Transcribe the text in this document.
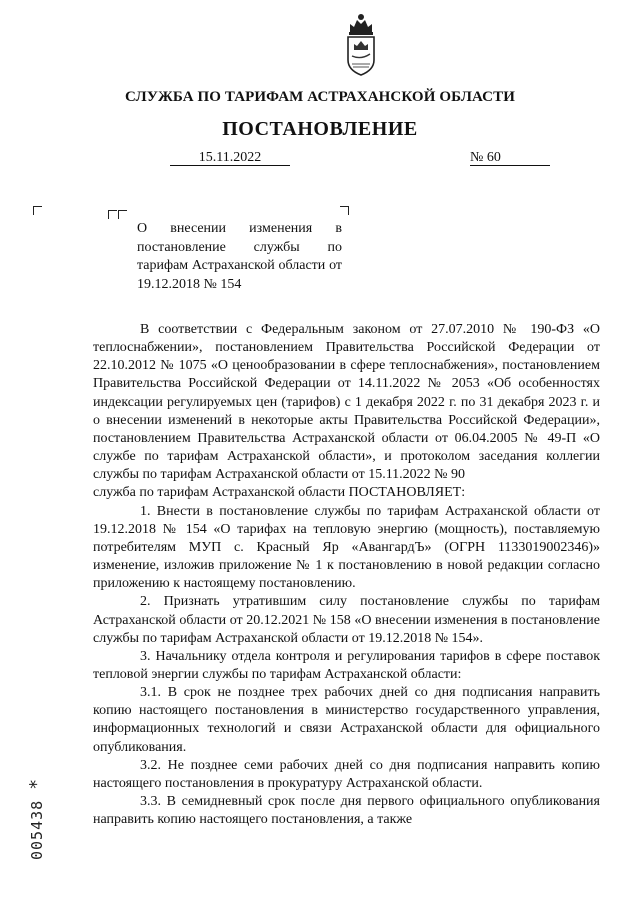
СЛУЖБА ПО ТАРИФАМ АСТРАХАНСКОЙ ОБЛАСТИ
ПОСТАНОВЛЕНИЕ
15.11.2022	№ 60

О внесении изменения в постановление службы по тарифам Астраханской области от 19.12.2018 № 154

В соответствии с Федеральным законом от 27.07.2010 № 190-ФЗ «О теплоснабжении», постановлением Правительства Российской Федерации от 22.10.2012 № 1075 «О ценообразовании в сфере теплоснабжения», постановлением Правительства Российской Федерации от 14.11.2022 № 2053 «Об особенностях индексации регулируемых цен (тарифов) с 1 декабря 2022 г. по 31 декабря 2023 г. и о внесении изменений в некоторые акты Правительства Российской Федерации», постановлением Правительства Астраханской области от 06.04.2005 № 49-П «О службе по тарифам Астраханской области», и протоколом заседания коллегии службы по тарифам Астраханской области от 15.11.2022 № 90

служба по тарифам Астраханской области ПОСТАНОВЛЯЕТ:

1. Внести в постановление службы по тарифам Астраханской области от 19.12.2018 № 154 «О тарифах на тепловую энергию (мощность), поставляемую потребителям МУП с. Красный Яр «АвангардЪ» (ОГРН 1133019002346)» изменение, изложив приложение № 1 к постановлению в новой редакции согласно приложению к настоящему постановлению.

2. Признать утратившим силу постановление службы по тарифам Астраханской области от 20.12.2021 № 158 «О внесении изменения в постановление службы по тарифам Астраханской области от 19.12.2018 № 154».

3. Начальнику отдела контроля и регулирования тарифов в сфере поставок тепловой энергии службы по тарифам Астраханской области:

3.1. В срок не позднее трех рабочих дней со дня подписания направить копию настоящего постановления в министерство государственного управления, информационных технологий и связи Астраханской области для официального опубликования.

3.2. Не позднее семи рабочих дней со дня подписания направить копию настоящего постановления в прокуратуру Астраханской области.

3.3. В семидневный срок после дня первого официального опубликования направить копию настоящего постановления, а также

005438 *
